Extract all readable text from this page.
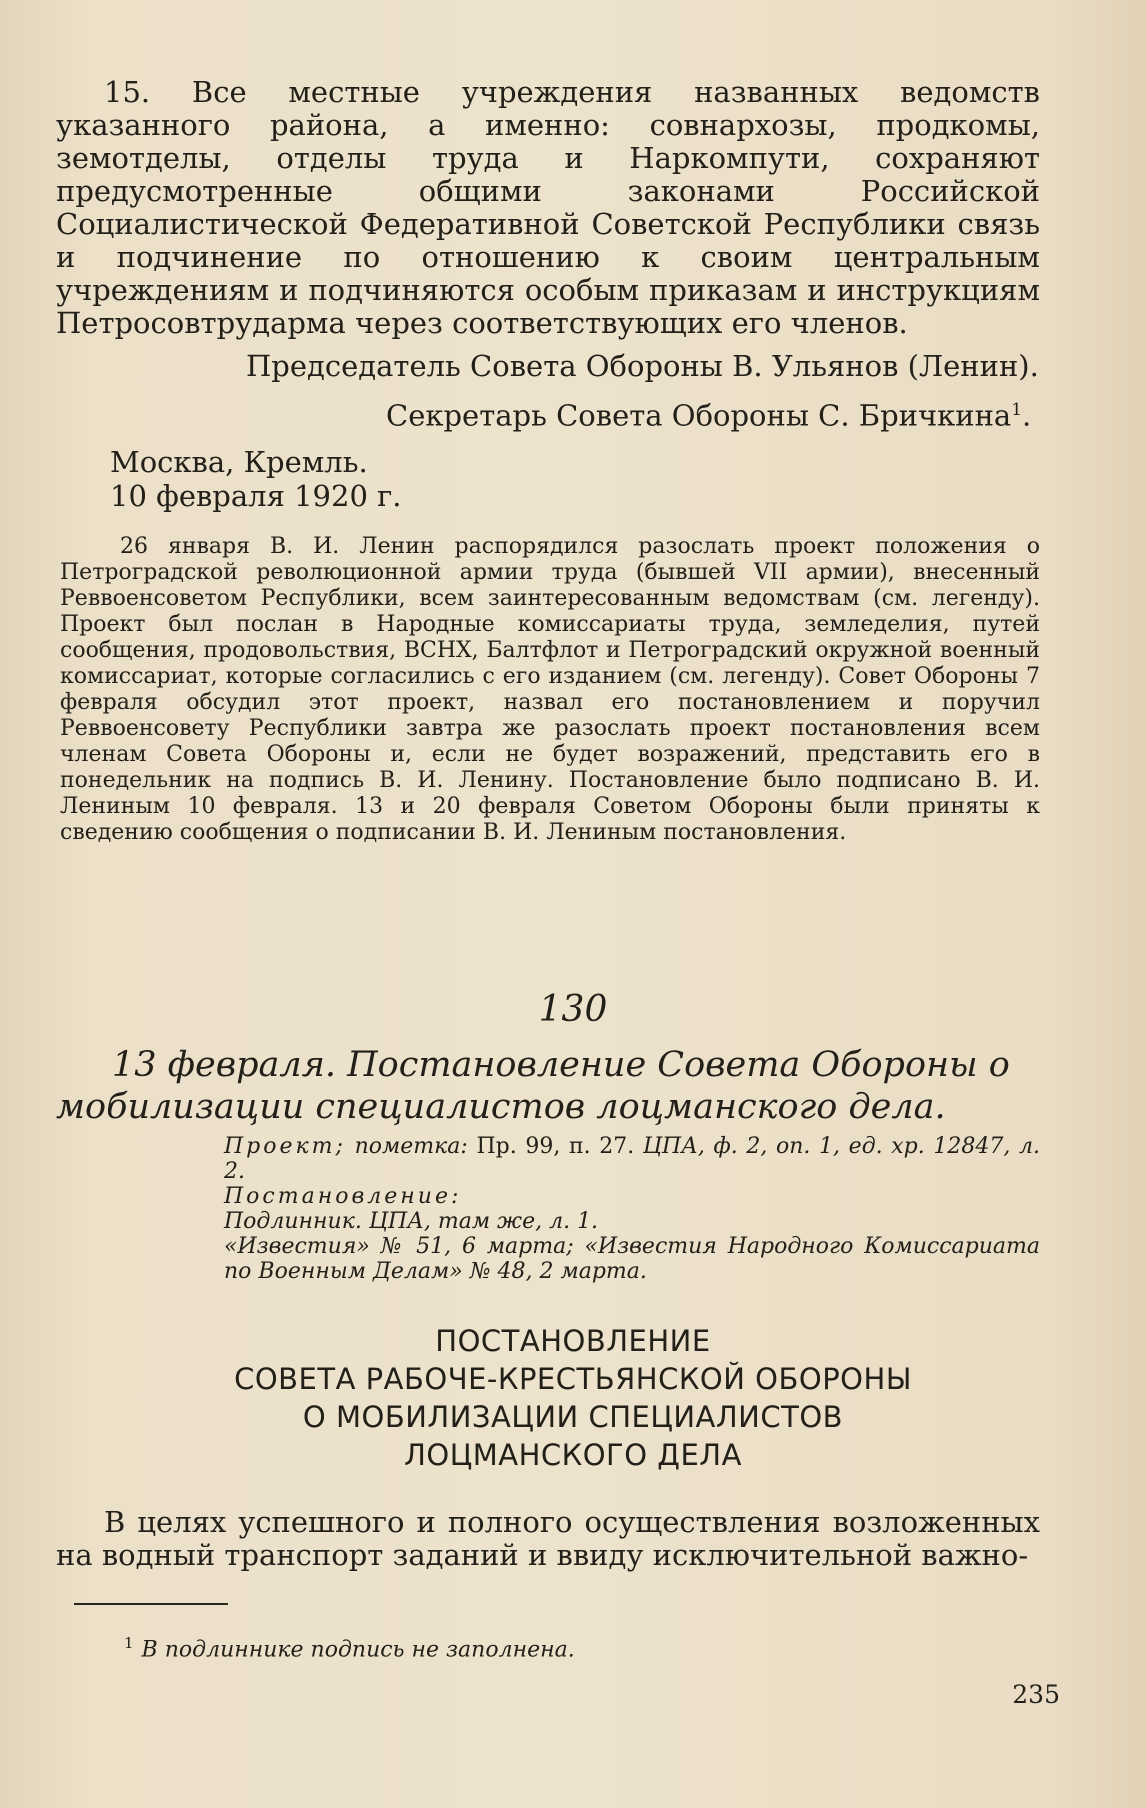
15. Все местные учреждения названных ведомств указанного района, а именно: совнархозы, продкомы, земотделы, отделы труда и Наркомпути, сохраняют предусмотренные общими законами Российской Социалистической Федеративной Советской Республики связь и подчинение по отношению к своим центральным учреждениям и подчиняются особым приказам и инструкциям Петросовтрударма через соответствующих его членов.
Председатель Совета Обороны В. Ульянов (Ленин).
Секретарь Совета Обороны С. Бричкина$^1$.
Москва, Кремль.
10 февраля 1920 г.
26 января В. И. Ленин распорядился разослать проект положения о Петроградской революционной армии труда (бывшей VII армии), внесенный Реввоенсоветом Республики, всем заинтересованным ведомствам (см. легенду). Проект был послан в Народные комиссариаты труда, земледелия, путей сообщения, продовольствия, ВСНХ, Балтфлот и Петроградский окружной военный комиссариат, которые согласились с его изданием (см. легенду). Совет Обороны 7 февраля обсудил этот проект, назвал его постановлением и поручил Реввоенсовету Республики завтра же разослать проект постановления всем членам Совета Обороны и, если не будет возражений, представить его в понедельник на подпись В. И. Ленину. Постановление было подписано В. И. Лениным 10 февраля. 13 и 20 февраля Советом Обороны были приняты к сведению сообщения о подписании В. И. Лениным постановления.
130
13 февраля. Постановление Совета Обороны о мобилизации специалистов лоцманского дела.

Проект; пометка: Пр. 99, п. 27. ЦПА, ф. 2, оп. 1, ед. хр. 12847, л. 2.

Постановление:

Подлинник. ЦПА, там же, л. 1.

«Известия» № 51, 6 марта; «Известия Народного Комиссариата по Военным Делам» № 48, 2 марта.

ПОСТАНОВЛЕНИЕ
СОВЕТА РАБОЧЕ-КРЕСТЬЯНСКОЙ ОБОРОНЫ
О МОБИЛИЗАЦИИ СПЕЦИАЛИСТОВ
ЛОЦМАНСКОГО ДЕЛА
В целях успешного и полного осуществления возложенных на водный транспорт заданий и ввиду исключительной важно-
$^1$ В подлиннике подпись не заполнена.
235
